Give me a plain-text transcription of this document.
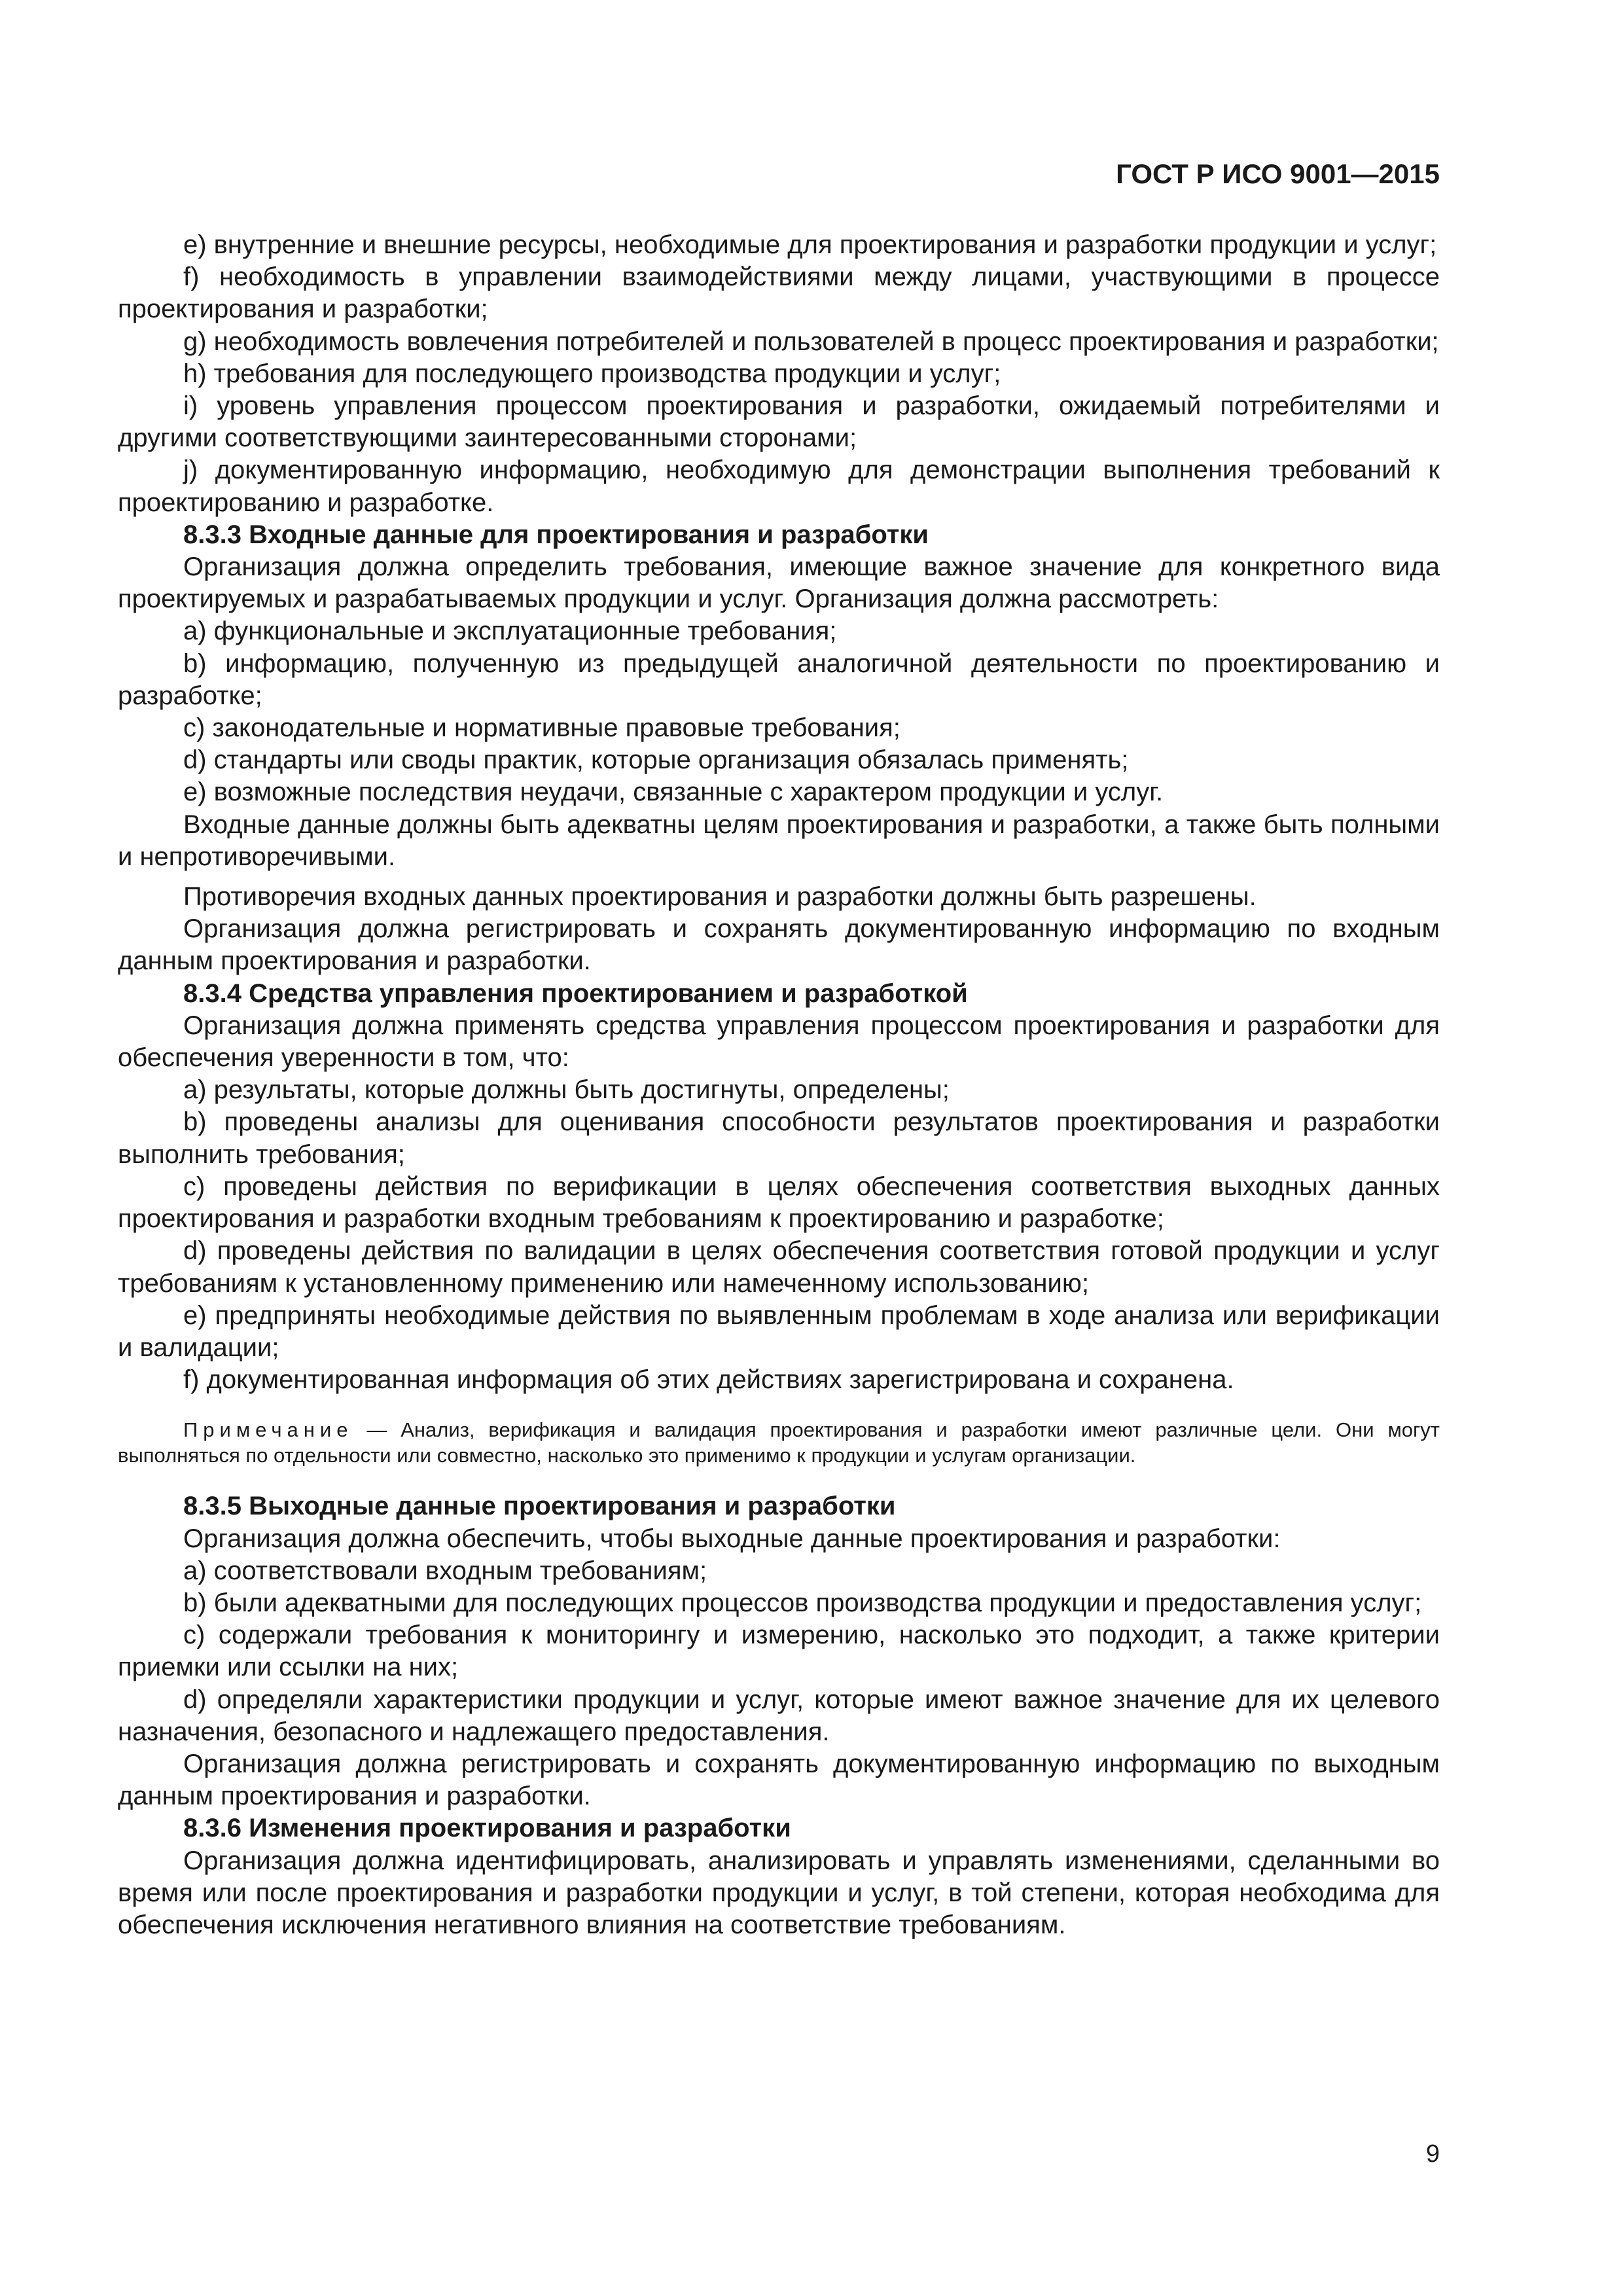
ГОСТ Р ИСО 9001—2015

е) внутренние и внешние ресурсы, необходимые для проектирования и разработки продукции и услуг;

f) необходимость в управлении взаимодействиями между лицами, участвующими в процессе проектирования и разработки;

g) необходимость вовлечения потребителей и пользователей в процесс проектирования и разработки;

h) требования для последующего производства продукции и услуг;

i) уровень управления процессом проектирования и разработки, ожидаемый потребителями и другими соответствующими заинтересованными сторонами;

j) документированную информацию, необходимую для демонстрации выполнения требований к проектированию и разработке.

8.3.3 Входные данные для проектирования и разработки

Организация должна определить требования, имеющие важное значение для конкретного вида проектируемых и разрабатываемых продукции и услуг. Организация должна рассмотреть:

а) функциональные и эксплуатационные требования;

b) информацию, полученную из предыдущей аналогичной деятельности по проектированию и разработке;

с) законодательные и нормативные правовые требования;

d) стандарты или своды практик, которые организация обязалась применять;

е) возможные последствия неудачи, связанные с характером продукции и услуг.

Входные данные должны быть адекватны целям проектирования и разработки, а также быть полными и непротиворечивыми.

Противоречия входных данных проектирования и разработки должны быть разрешены.

Организация должна регистрировать и сохранять документированную информацию по входным данным проектирования и разработки.

8.3.4 Средства управления проектированием и разработкой

Организация должна применять средства управления процессом проектирования и разработки для обеспечения уверенности в том, что:

а) результаты, которые должны быть достигнуты, определены;

b) проведены анализы для оценивания способности результатов проектирования и разработки выполнить требования;

с) проведены действия по верификации в целях обеспечения соответствия выходных данных проектирования и разработки входным требованиям к проектированию и разработке;

d) проведены действия по валидации в целях обеспечения соответствия готовой продукции и услуг требованиям к установленному применению или намеченному использованию;

е) предприняты необходимые действия по выявленным проблемам в ходе анализа или верификации и валидации;

f) документированная информация об этих действиях зарегистрирована и сохранена.

Примечание — Анализ, верификация и валидация проектирования и разработки имеют различные цели. Они могут выполняться по отдельности или совместно, насколько это применимо к продукции и услугам организации.

8.3.5 Выходные данные проектирования и разработки

Организация должна обеспечить, чтобы выходные данные проектирования и разработки:

а) соответствовали входным требованиям;

b) были адекватными для последующих процессов производства продукции и предоставления услуг;

с) содержали требования к мониторингу и измерению, насколько это подходит, а также критерии приемки или ссылки на них;

d) определяли характеристики продукции и услуг, которые имеют важное значение для их целевого назначения, безопасного и надлежащего предоставления.

Организация должна регистрировать и сохранять документированную информацию по выходным данным проектирования и разработки.

8.3.6 Изменения проектирования и разработки

Организация должна идентифицировать, анализировать и управлять изменениями, сделанными во время или после проектирования и разработки продукции и услуг, в той степени, которая необходима для обеспечения исключения негативного влияния на соответствие требованиям.

9
